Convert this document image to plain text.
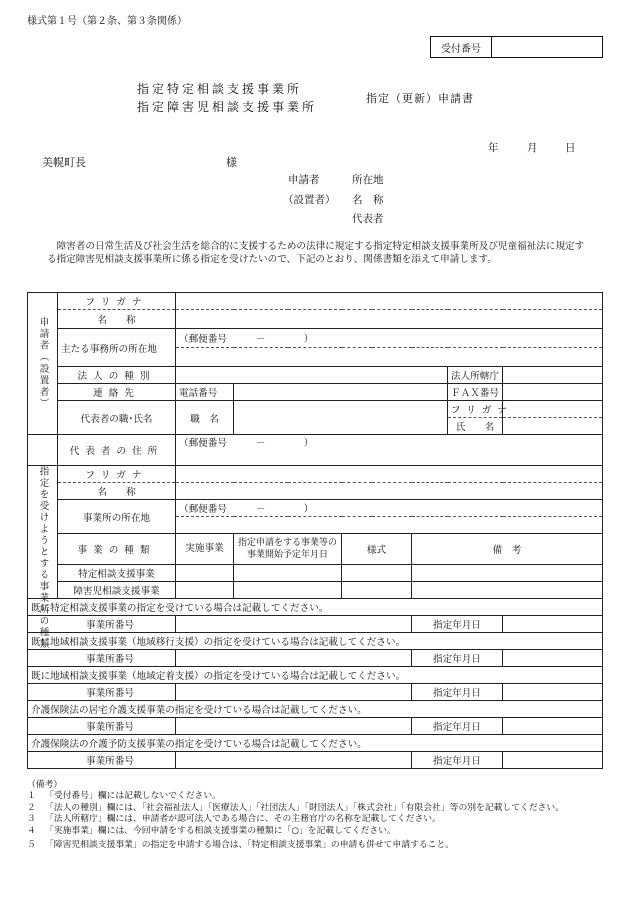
様式第１号（第２条、第３条関係）
受付番号
指定特定相談支援事業所
指定障害児相談支援事業所
指定（更新）申請書
年	月	日
美幌町長	様
申請者
（設置者）
所在地
名　称
代表者
障害者の日常生活及び社会生活を総合的に支援するための法律に規定する指定特定相談支援事業所及び児童福祉法に規定する指定障害児相談支援事業所に係る指定を受けたいので、下記のとおり、関係書類を添えて申請します。
申請者（設置者）	フリガナ						
	名　　称						
	主たる事務所の所在地	（郵便番号　　　－　　　　）					

	法人の種別					法人所轄庁	
	連絡先	電話番号				ＦＡＸ番号	
	代表者の職･氏名	職　名				フリガナ	
						氏　　名	
	代表者の住所	（郵便番号　　　－　　　　）					
指定を受けようとする事業所の種類	フリガナ						
	名　　称						
	事業所の所在地	（郵便番号　　　－　　　　）					

	事業の種類	実施事業	指定申請をする事業等の事業開始予定年月日	様式	備　考		
	特定相談支援事業						
	障害児相談支援事業						
既に特定相談支援事業の指定を受けている場合は記載してください。							
事業所番号					指定年月日		
既に地域相談支援事業（地域移行支援）の指定を受けている場合は記載してください。							
事業所番号					指定年月日		
既に地域相談支援事業（地域定着支援）の指定を受けている場合は記載してください。							
事業所番号					指定年月日		
介護保険法の居宅介護支援事業の指定を受けている場合は記載してください。							
事業所番号					指定年月日		
介護保険法の介護予防支援事業の指定を受けている場合は記載してください。							
事業所番号					指定年月日		
（備考）
１	「受付番号」欄には記載しないでください。
２	「法人の種別」欄には、「社会福祉法人」「医療法人」「社団法人」「財団法人」「株式会社」「有限会社」等の別を記載してください。
３	「法人所轄庁」欄には、申請者が認可法人である場合に、その主務官庁の名称を記載してください。
４	「実施事業」欄には、今回申請をする相談支援事業の種類に「○」を記載してください。
５	「障害児相談支援事業」の指定を申請する場合は、「特定相談支援事業」の申請も併せて申請すること。
